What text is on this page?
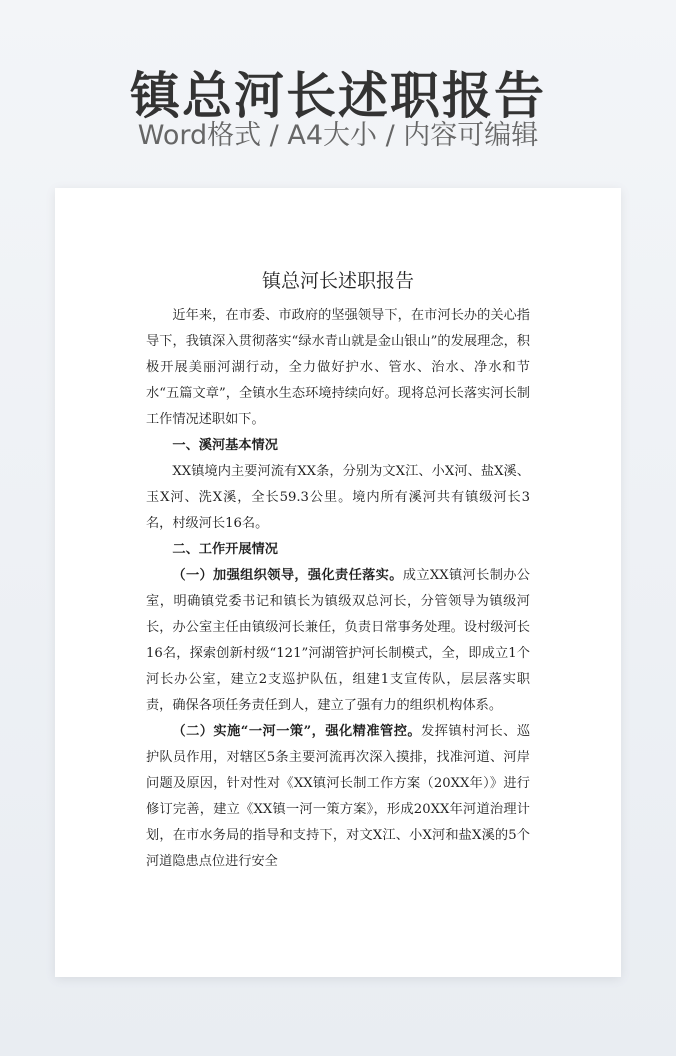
镇总河长述职报告
Word格式 / A4大小 / 内容可编辑
镇总河长述职报告

近年来，在市委、市政府的坚强领导下，在市河长办的关心指导下，我镇深入贯彻落实“绿水青山就是金山银山”的发展理念，积极开展美丽河湖行动，全力做好护水、管水、治水、净水和节水“五篇文章”，全镇水生态环境持续向好。现将总河长落实河长制工作情况述职如下。

一、溪河基本情况

XX镇境内主要河流有XX条，分别为文X江、小X河、盐X溪、玉X河、洗X溪，全长59.3公里。境内所有溪河共有镇级河长3名，村级河长16名。

二、工作开展情况

（一）加强组织领导，强化责任落实。成立XX镇河长制办公室，明确镇党委书记和镇长为镇级双总河长，分管领导为镇级河长，办公室主任由镇级河长兼任，负责日常事务处理。设村级河长16名，探索创新村级“121”河湖管护河长制模式，全，即成立1个河长办公室，建立2支巡护队伍，组建1支宣传队，层层落实职责，确保各项任务责任到人，建立了强有力的组织机构体系。

（二）实施“一河一策”，强化精准管控。发挥镇村河长、巡护队员作用，对辖区5条主要河流再次深入摸排，找准河道、河岸问题及原因，针对性对《XX镇河长制工作方案（20XX年）》进行修订完善，建立《XX镇一河一策方案》，形成20XX年河道治理计划，在市水务局的指导和支持下，对文X江、小X河和盐X溪的5个河道隐患点位进行安全
